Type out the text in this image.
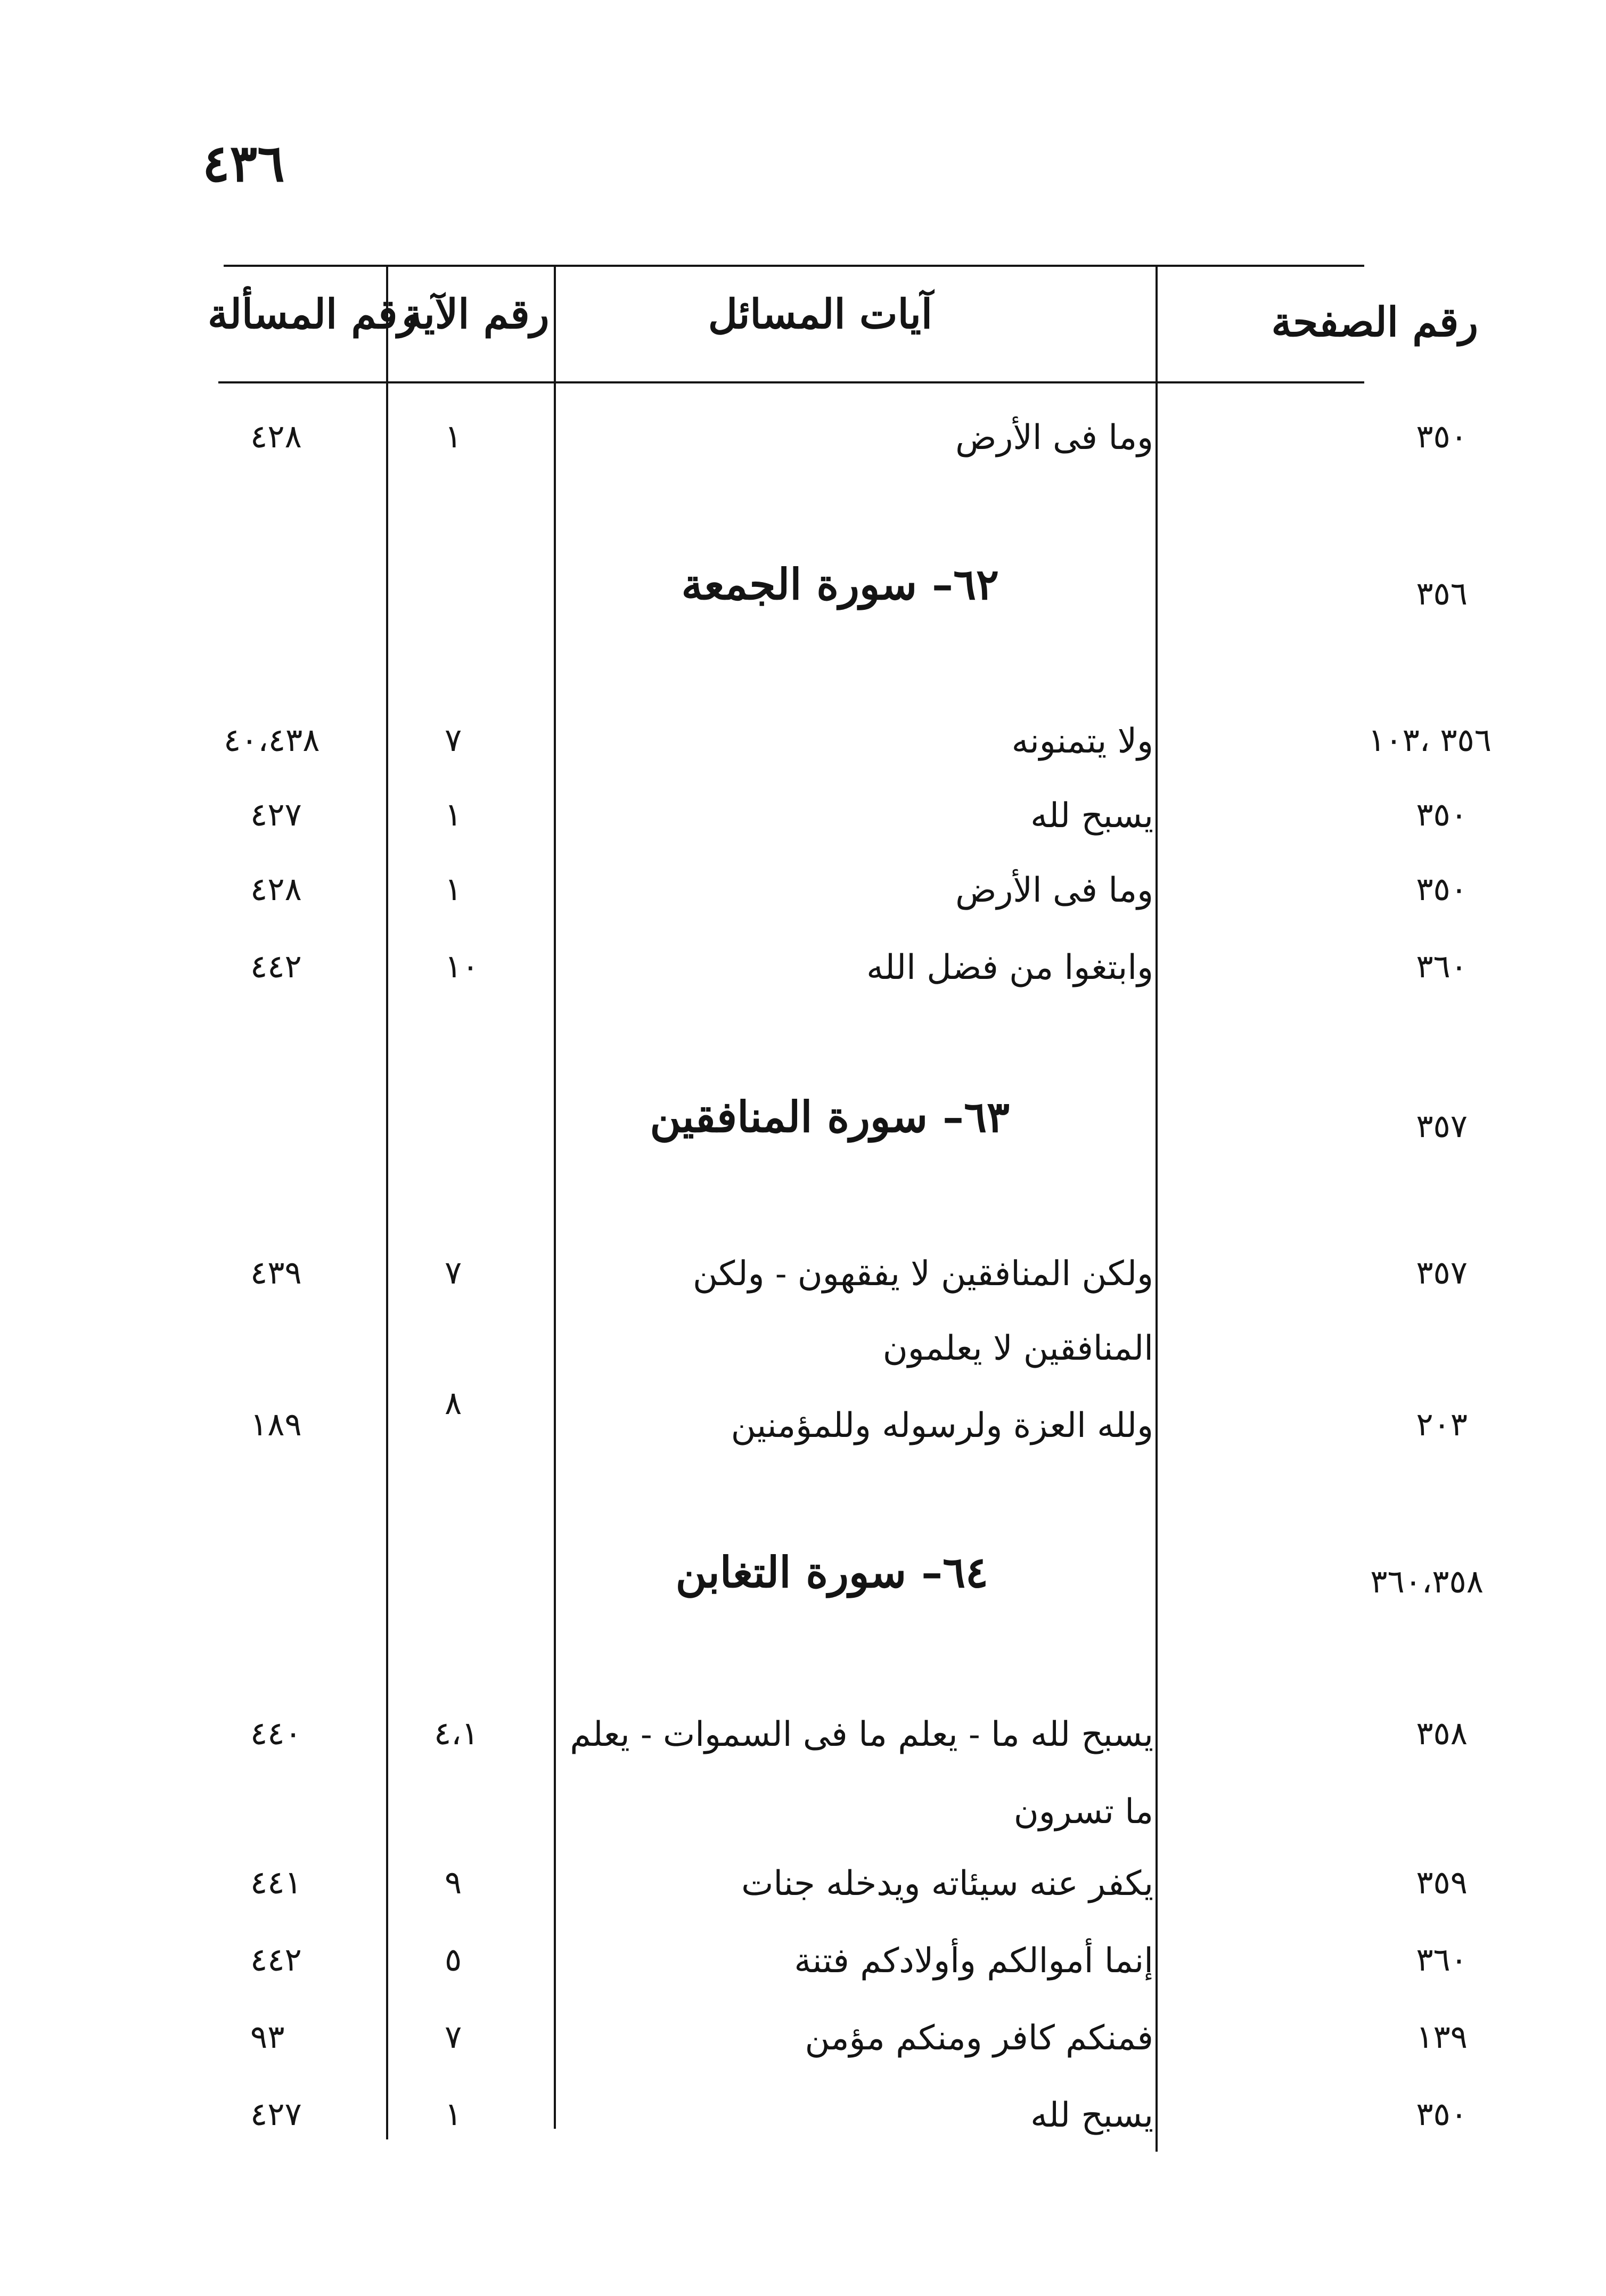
٤٣٦
رقم الصفحة
آيات المسائل
رقم الآية
رقم المسألة
٣٥٠
وما فى الأرض
١
٤٢٨
٣٥٦
٦٢– سورة الجمعة
٣٥٦ ،١٠٣
ولا يتمنونه
٧
٤٠،٤٣٨
٣٥٠
يسبح لله
١
٤٢٧
٣٥٠
وما فى الأرض
١
٤٢٨
٣٦٠
وابتغوا من فضل الله
١٠
٤٤٢
٣٥٧
٦٣– سورة المنافقين
٣٥٧
ولكن المنافقين لا يفقهون - ولكن
٧
٤٣٩
المنافقين لا يعلمون
٢٠٣
ولله العزة ولرسوله وللمؤمنين
٨
١٨٩
٣٦٠،٣٥٨
٦٤– سورة التغابن
٣٥٨
يسبح لله ما - يعلم ما فى السموات - يعلم
٤،١
٤٤٠
ما تسرون
٣٥٩
يكفر عنه سيئاته ويدخله جنات
٩
٤٤١
٣٦٠
إنما أموالكم وأولادكم فتنة
٥
٤٤٢
١٣٩
فمنكم كافر ومنكم مؤمن
٧
٩٣
٣٥٠
يسبح لله
١
٤٢٧
